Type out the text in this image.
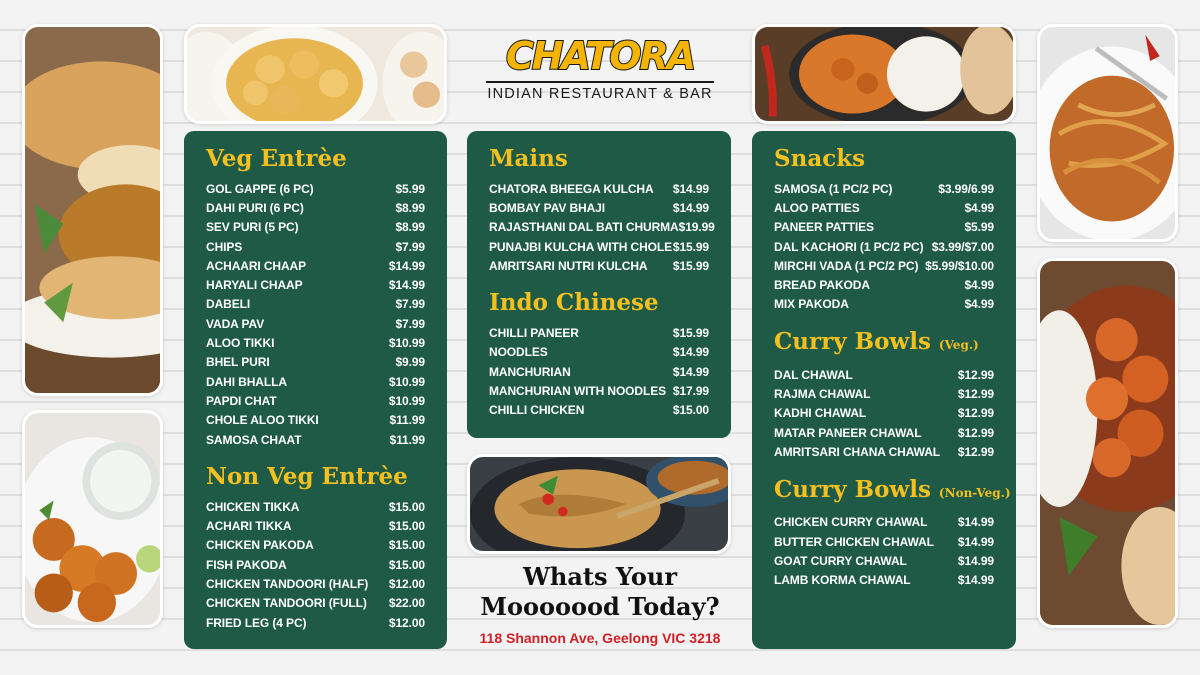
CHATORA
INDIAN RESTAURANT & BAR
Veg Entrèe
GOL GAPPE (6 PC)	$5.99
DAHI PURI (6 PC)	$8.99
SEV PURI (5 PC)	$8.99
CHIPS	$7.99
ACHAARI CHAAP	$14.99
HARYALI CHAAP	$14.99
DABELI	$7.99
VADA PAV	$7.99
ALOO TIKKI	$10.99
BHEL PURI	$9.99
DAHI BHALLA	$10.99
PAPDI CHAT	$10.99
CHOLE ALOO TIKKI	$11.99
SAMOSA CHAAT	$11.99
Non Veg Entrèe
CHICKEN TIKKA	$15.00
ACHARI TIKKA	$15.00
CHICKEN PAKODA	$15.00
FISH PAKODA	$15.00
CHICKEN TANDOORI (HALF) $12.00
CHICKEN TANDOORI (FULL) $22.00
FRIED LEG (4 PC)	$12.00
Mains
CHATORA BHEEGA KULCHA $14.99
BOMBAY PAV BHAJI	$14.99
RAJASTHANI DAL BATI CHURMA $19.99
PUNAJBI KULCHA WITH CHOLE $15.99
AMRITSARI NUTRI KULCHA $15.99
Indo Chinese
CHILLI PANEER	$15.99
NOODLES	$14.99
MANCHURIAN	$14.99
MANCHURIAN WITH NOODLES $17.99
CHILLI CHICKEN	$15.00
Snacks
SAMOSA (1 PC/2 PC)	$3.99/6.99
ALOO PATTIES	$4.99
PANEER PATTIES	$5.99
DAL KACHORI (1 PC/2 PC) $3.99/$7.00
MIRCHI VADA (1 PC/2 PC) $5.99/$10.00
BREAD PAKODA	$4.99
MIX PAKODA	$4.99
Curry Bowls (Veg.)
DAL CHAWAL	$12.99
RAJMA CHAWAL	$12.99
KADHI CHAWAL	$12.99
MATAR PANEER CHAWAL	$12.99
AMRITSARI CHANA CHAWAL $12.99
Curry Bowls (Non-Veg.)
CHICKEN CURRY CHAWAL	$14.99
BUTTER CHICKEN CHAWAL $14.99
GOAT CURRY CHAWAL	$14.99
LAMB KORMA CHAWAL	$14.99
Whats Your
Mooooood Today?
118 Shannon Ave, Geelong VIC 3218
